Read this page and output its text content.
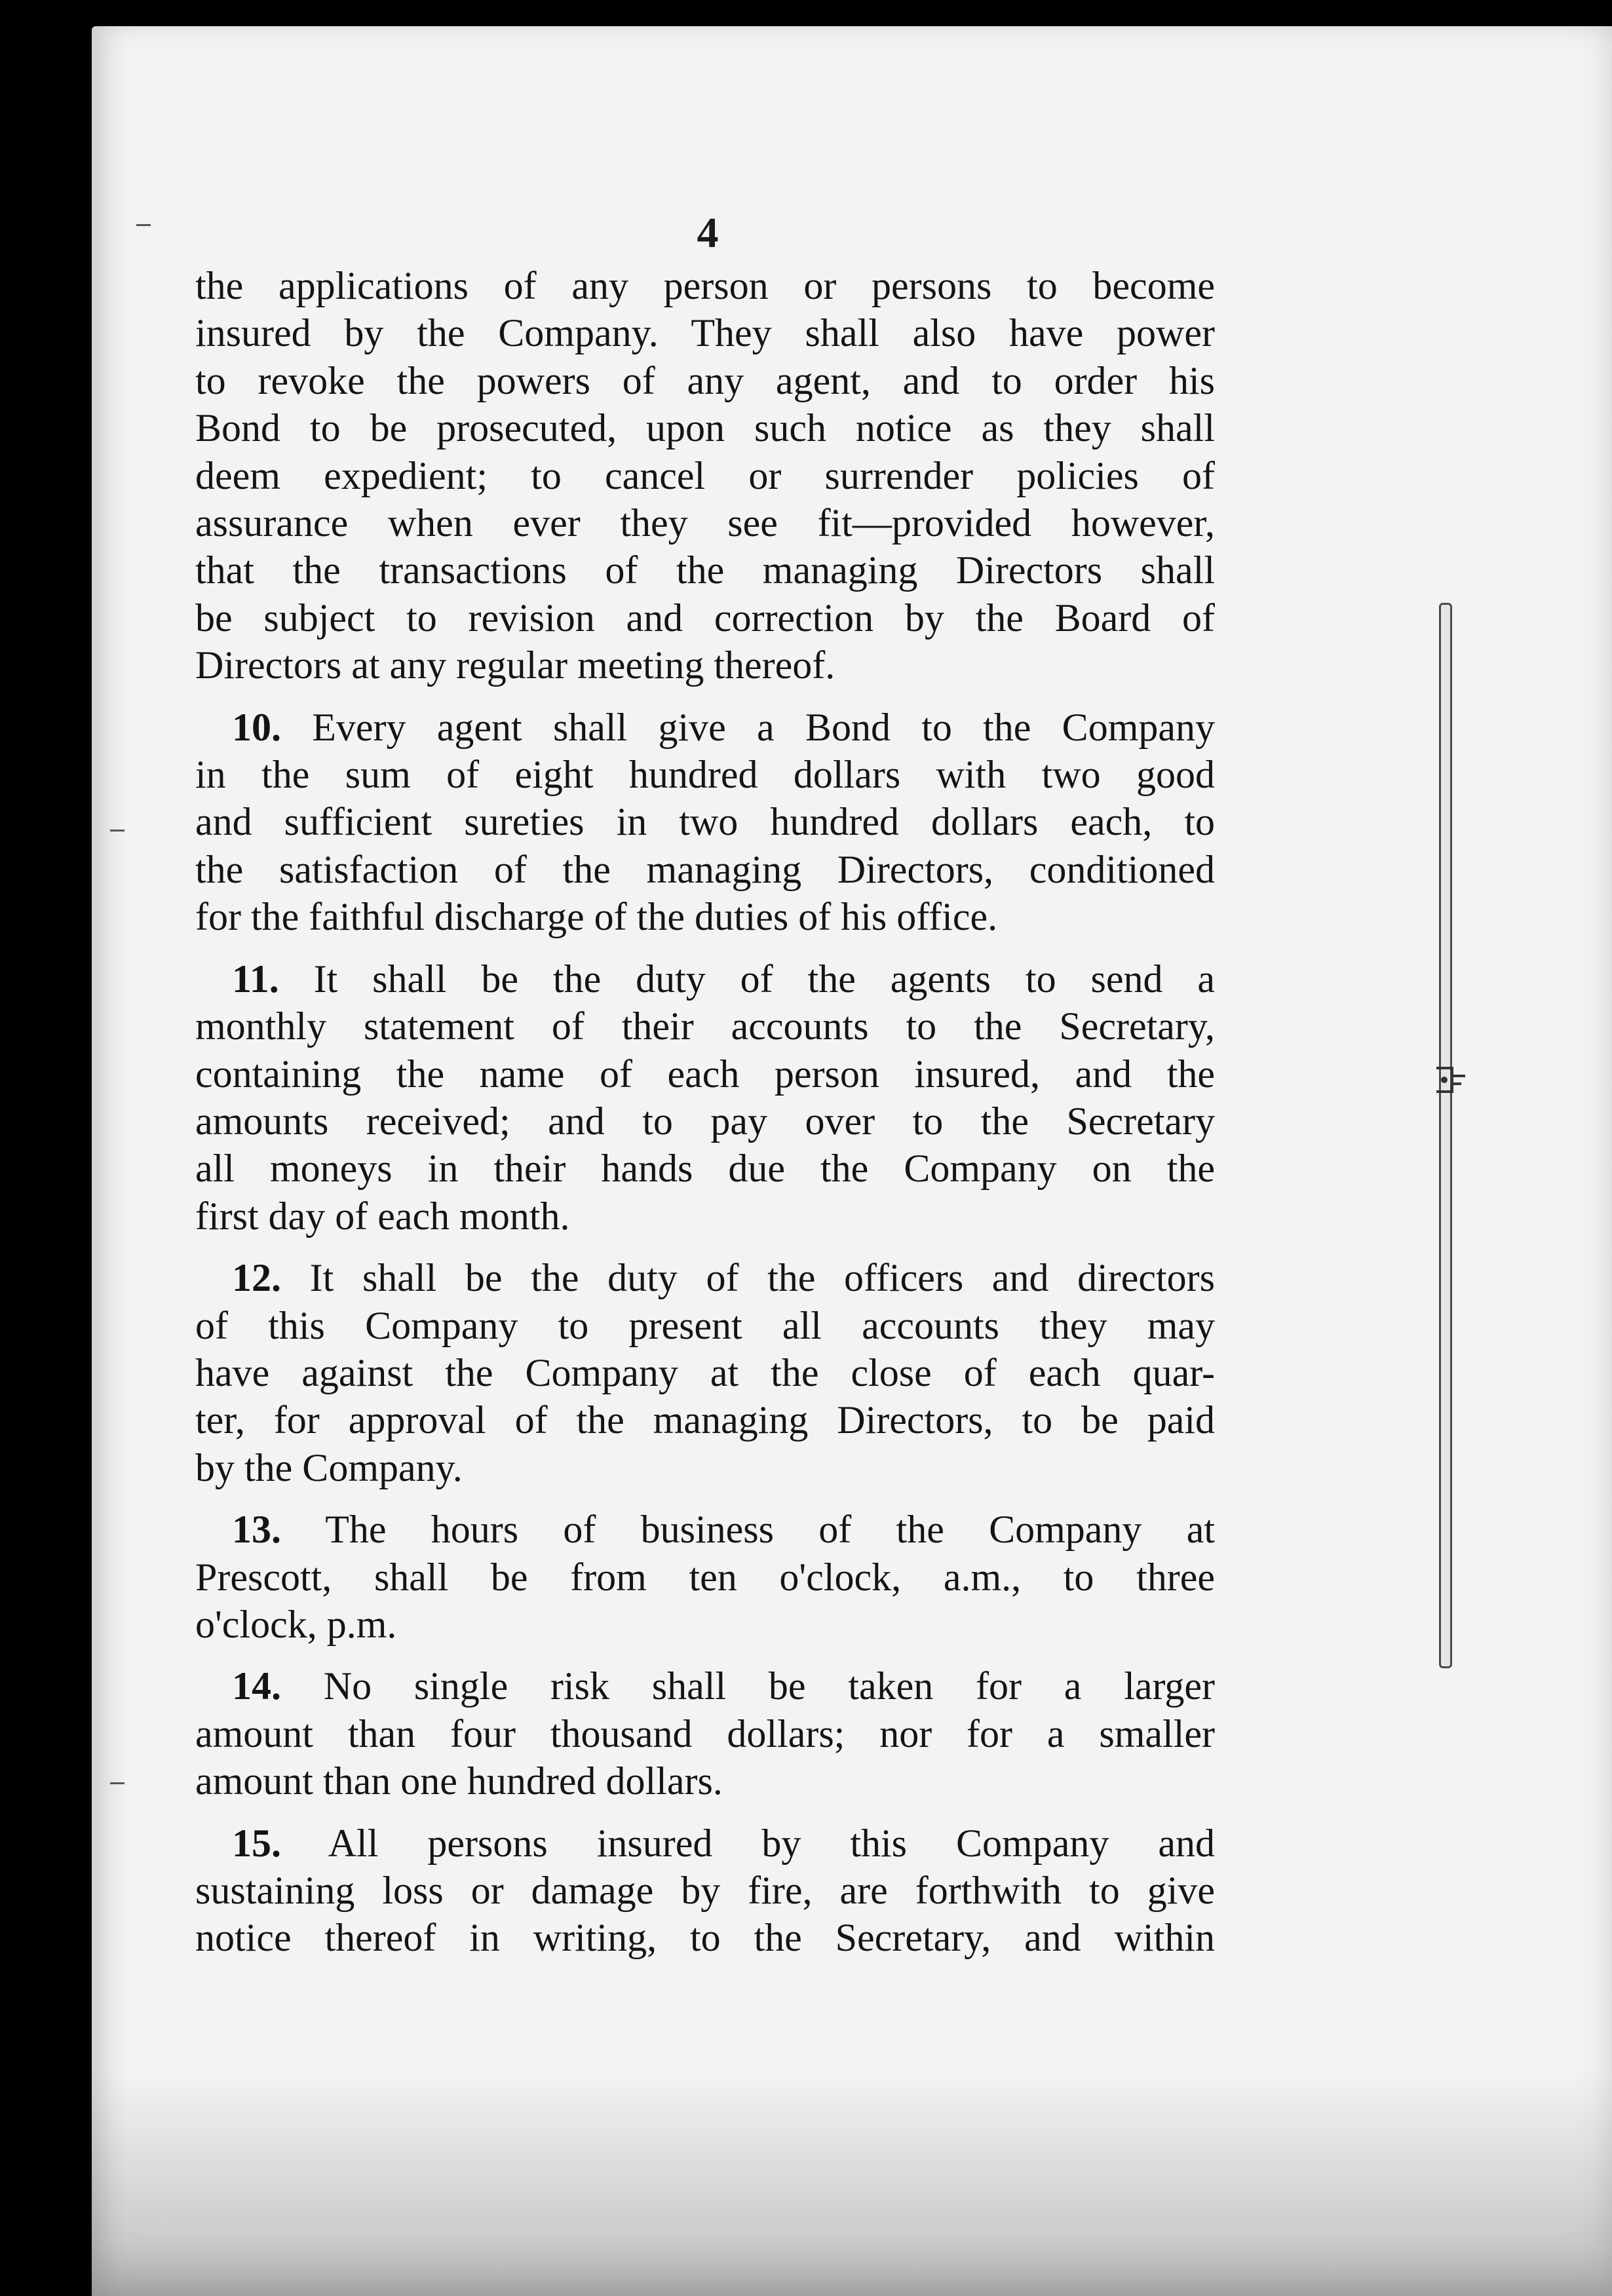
4

the applications of any person or persons to become
insured by the Company. They shall also have power
to revoke the powers of any agent, and to order his
Bond to be prosecuted, upon such notice as they shall
deem expedient; to cancel or surrender policies of
assurance when ever they see fit—provided however,
that the transactions of the managing Directors shall
be subject to revision and correction by the Board of
Directors at any regular meeting thereof.

10. Every agent shall give a Bond to the Company
in the sum of eight hundred dollars with two good
and sufficient sureties in two hundred dollars each, to
the satisfaction of the managing Directors, conditioned
for the faithful discharge of the duties of his office.

11. It shall be the duty of the agents to send a
monthly statement of their accounts to the Secretary,
containing the name of each person insured, and the
amounts received; and to pay over to the Secretary
all moneys in their hands due the Company on the
first day of each month.

12. It shall be the duty of the officers and directors
of this Company to present all accounts they may
have against the Company at the close of each quar-
ter, for approval of the managing Directors, to be paid
by the Company.

13. The hours of business of the Company at
Prescott, shall be from ten o'clock, a.m., to three
o'clock, p.m.

14. No single risk shall be taken for a larger
amount than four thousand dollars; nor for a smaller
amount than one hundred dollars.

15. All persons insured by this Company and
sustaining loss or damage by fire, are forthwith to give
notice thereof in writing, to the Secretary, and within
